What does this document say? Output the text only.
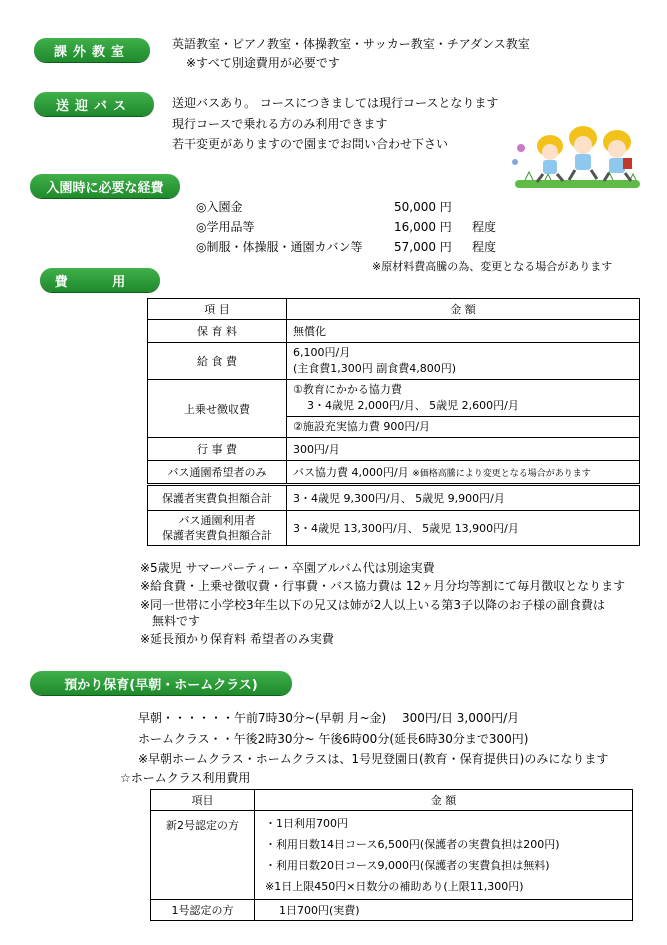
課外教室
英語教室・ピアノ教室・体操教室・サッカー教室・チアダンス教室
※すべて別途費用が必要です
送迎バス	送迎バスあり。 コースにつきましては現行コースとなります
現行コースで乗れる方のみ利用できます
若干変更がありますので園までお問い合わせ下さい
入園時に必要な経費
◎入園金	50,000 円
◎学用品等	16,000 円 程度
◎制服・体操服・通園カバン等	57,000 円 程度
※原材料費高騰の為、変更となる場合があります
費 用
項 目	金 額
保 育 料	無償化
給 食 費	6,100円/月
(主食費1,300円 副食費4,800円)

上乗せ徴収費	①教育にかかる協力費
3・4歳児 2,000円/月、 5歳児 2,600円/月
②施設充実協力費 900円/月

行 事 費	300円/月
バス通園希望者のみ	バス協力費 4,000円/月 ※価格高騰により変更となる場合があります
保護者実費負担額合計	3・4歳児 9,300円/月、 5歳児 9,900円/月

バス通園利用者
保護者実費負担額合計	3・4歳児 13,300円/月、 5歳児 13,900円/月
※5歳児 サマーパーティー・卒園アルバム代は別途実費
※給食費・上乗せ徴収費・行事費・バス協力費は 12ヶ月分均等割にて毎月徴収となります
※同一世帯に小学校3年生以下の兄又は姉が2人以上いる第3子以降のお子様の副食費は
無料です
※延長預かり保育料 希望者のみ実費
預かり保育(早朝・ホームクラス)
早朝・・・・・・午前7時30分~(早朝 月~金)　 300円/日 3,000円/月
ホームクラス・・午後2時30分~ 午後6時00分(延長6時30分まで300円)
※早朝ホームクラス・ホームクラスは、1号児登園日(教育・保育提供日)のみになります
☆ホームクラス利用費用
項目	金 額
新2号認定の方	・1日利用700円
・利用日数14日コース6,500円(保護者の実費負担は200円)
・利用日数20日コース9,000円(保護者の実費負担は無料)
※1日上限450円×日数分の補助あり(上限11,300円)

1号認定の方	1日700円(実費)
